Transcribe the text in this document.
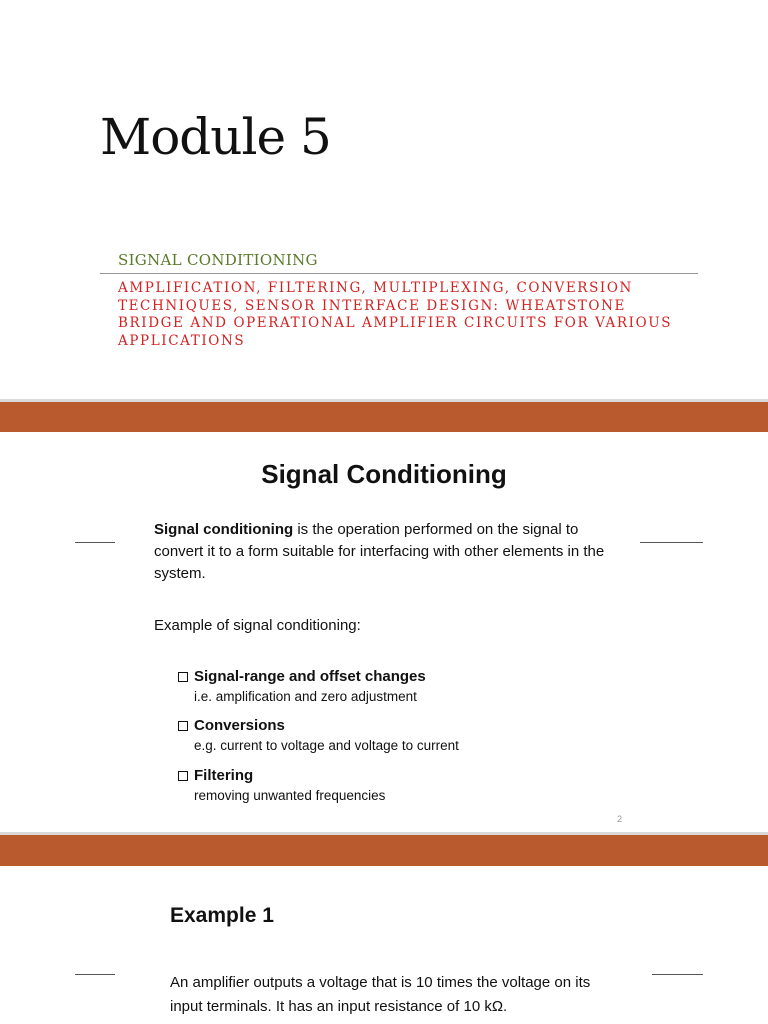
Module 5
SIGNAL CONDITIONING
AMPLIFICATION, FILTERING, MULTIPLEXING, CONVERSION TECHNIQUES, SENSOR INTERFACE DESIGN: WHEATSTONE BRIDGE AND OPERATIONAL AMPLIFIER CIRCUITS FOR VARIOUS APPLICATIONS
Signal Conditioning
Signal conditioning is the operation performed on the signal to convert it to a form suitable for interfacing with other elements in the system.
Example of signal conditioning:
Signal-range and offset changes
i.e. amplification and zero adjustment
Conversions
e.g. current to voltage and voltage to current
Filtering
removing unwanted frequencies
2
Example 1
An amplifier outputs a voltage that is 10 times the voltage on its input terminals. It has an input resistance of 10 kΩ.
